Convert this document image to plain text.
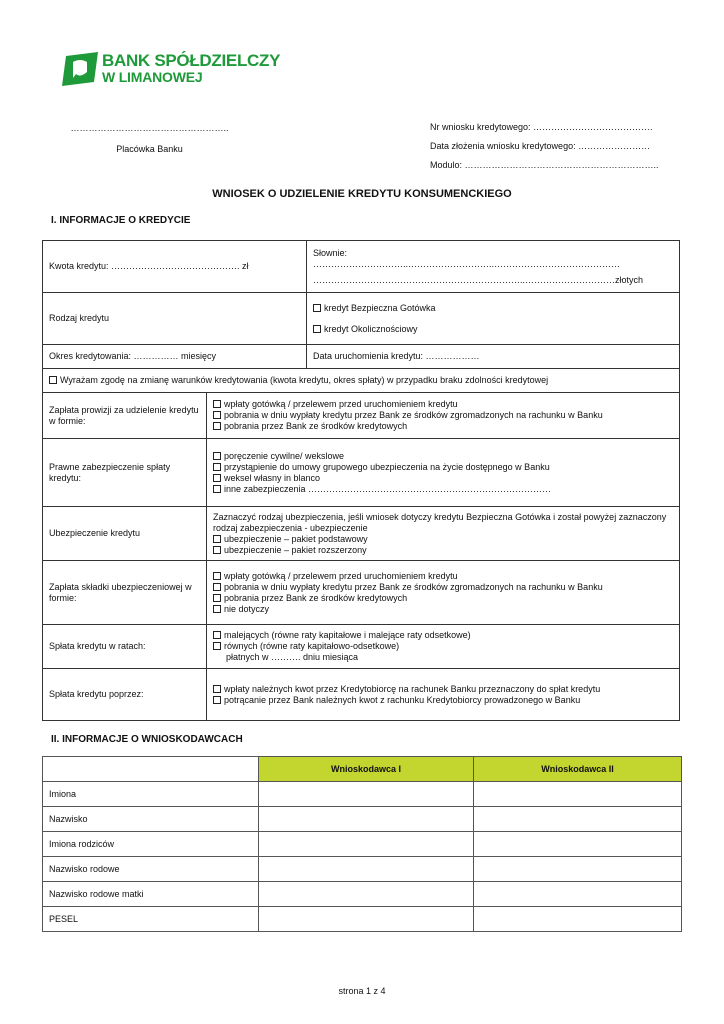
BANK SPÓŁDZIELCZY
W LIMANOWEJ
……………………………………………..
Placówka Banku
Nr wniosku kredytowego: ………………………………….
Data złożenia wniosku kredytowego: ……………………
Modulo: ………………………………………………………..
WNIOSEK O UDZIELENIE KREDYTU KONSUMENCKIEGO
I. INFORMACJE O KREDYCIE
Kwota kredytu: ……………………………………. zł		Słownie:
…………………………..………………………..……………………………………
……………………………………………………………..…………………………złotych

Rodzaj kredytu		kredyt Bezpieczna Gotówka
kredyt Okolicznościowy

Okres kredytowania: …………… miesięcy		Data uruchomienia kredytu: ………………
Wyrażam zgodę na zmianę warunków kredytowania (kwota kredytu, okres spłaty) w przypadku braku zdolności kredytowej		
Zapłata prowizji za udzielenie kredytu w formie:	wpłaty gotówką / przelewem przed uruchomieniem kredytu
pobrania w dniu wypłaty kredytu przez Bank ze środków zgromadzonych na rachunku w Banku
pobrania przez Bank ze środków kredytowych	

Prawne zabezpieczenie spłaty kredytu:	poręczenie cywilne/ wekslowe
przystąpienie do umowy grupowego ubezpieczenia na życie dostępnego w Banku
weksel własny in blanco
inne zabezpieczenia ………………………………………………………………………	

Ubezpieczenie kredytu	Zaznaczyć rodzaj ubezpieczenia, jeśli wniosek dotyczy kredytu Bezpieczna Gotówka i został powyżej zaznaczony rodzaj zabezpieczenia - ubezpieczenie
ubezpieczenie – pakiet podstawowy
ubezpieczenie – pakiet rozszerzony	

Zapłata składki ubezpieczeniowej w formie:	wpłaty gotówką / przelewem przed uruchomieniem kredytu
pobrania w dniu wypłaty kredytu przez Bank ze środków zgromadzonych na rachunku w Banku
pobrania przez Bank ze środków kredytowych
nie dotyczy	

Spłata kredytu w ratach:	malejących (równe raty kapitałowe i malejące raty odsetkowe)
równych (równe raty kapitałowo-odsetkowe)
płatnych w ………. dniu miesiąca	

Spłata kredytu poprzez:	wpłaty należnych kwot przez Kredytobiorcę na rachunek Banku przeznaczony do spłat kredytu
potrącanie przez Bank należnych kwot z rachunku Kredytobiorcy prowadzonego w Banku	
II. INFORMACJE O WNIOSKODAWCACH
	Wnioskodawca I	Wnioskodawca II
Imiona		
Nazwisko		
Imiona rodziców		
Nazwisko rodowe		
Nazwisko rodowe matki		
PESEL		
strona 1 z 4
